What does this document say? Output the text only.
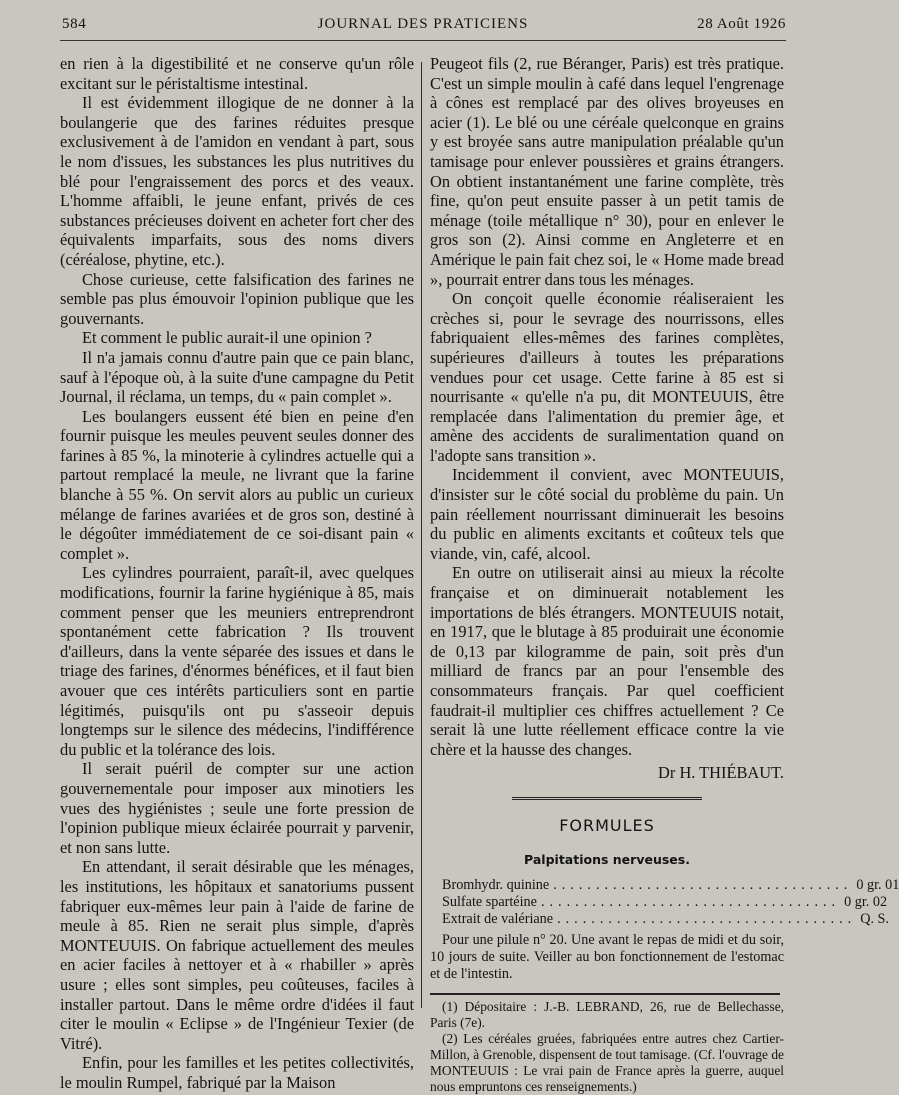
584	JOURNAL DES PRATICIENS	28 Août 1926

en rien à la digestibilité et ne conserve qu'un rôle excitant sur le péristaltisme intestinal.

Il est évidemment illogique de ne donner à la boulangerie que des farines réduites presque exclusivement à de l'amidon en vendant à part, sous le nom d'issues, les substances les plus nutritives du blé pour l'engraissement des porcs et des veaux. L'homme affaibli, le jeune enfant, privés de ces substances précieuses doivent en acheter fort cher des équivalents imparfaits, sous des noms divers (céréalose, phytine, etc.).

Chose curieuse, cette falsification des farines ne semble pas plus émouvoir l'opinion publique que les gouvernants.

Et comment le public aurait-il une opinion ?

Il n'a jamais connu d'autre pain que ce pain blanc, sauf à l'époque où, à la suite d'une campagne du Petit Journal, il réclama, un temps, du « pain complet ».

Les boulangers eussent été bien en peine d'en fournir puisque les meules peuvent seules donner des farines à 85 %, la minoterie à cylindres actuelle qui a partout remplacé la meule, ne livrant que la farine blanche à 55 %. On servit alors au public un curieux mélange de farines avariées et de gros son, destiné à le dégoûter immédiatement de ce soi-disant pain « complet ».

Les cylindres pourraient, paraît-il, avec quelques modifications, fournir la farine hygiénique à 85, mais comment penser que les meuniers entreprendront spontanément cette fabrication ? Ils trouvent d'ailleurs, dans la vente séparée des issues et dans le triage des farines, d'énormes bénéfices, et il faut bien avouer que ces intérêts particuliers sont en partie légitimés, puisqu'ils ont pu s'asseoir depuis longtemps sur le silence des médecins, l'indifférence du public et la tolérance des lois.

Il serait puéril de compter sur une action gouvernementale pour imposer aux minotiers les vues des hygiénistes ; seule une forte pression de l'opinion publique mieux éclairée pourrait y parvenir, et non sans lutte.

En attendant, il serait désirable que les ménages, les institutions, les hôpitaux et sanatoriums pussent fabriquer eux-mêmes leur pain à l'aide de farine de meule à 85. Rien ne serait plus simple, d'après MONTEUUIS. On fabrique actuellement des meules en acier faciles à nettoyer et à « rhabiller » après usure ; elles sont simples, peu coûteuses, faciles à installer partout. Dans le même ordre d'idées il faut citer le moulin « Eclipse » de l'Ingénieur Texier (de Vitré).

Enfin, pour les familles et les petites collectivités, le moulin Rumpel, fabriqué par la Maison

Peugeot fils (2, rue Béranger, Paris) est très pratique. C'est un simple moulin à café dans lequel l'engrenage à cônes est remplacé par des olives broyeuses en acier (1). Le blé ou une céréale quelconque en grains y est broyée sans autre manipulation préalable qu'un tamisage pour enlever poussières et grains étrangers. On obtient instantanément une farine complète, très fine, qu'on peut ensuite passer à un petit tamis de ménage (toile métallique n° 30), pour en enlever le gros son (2). Ainsi comme en Angleterre et en Amérique le pain fait chez soi, le « Home made bread », pourrait entrer dans tous les ménages.

On conçoit quelle économie réaliseraient les crèches si, pour le sevrage des nourrissons, elles fabriquaient elles-mêmes des farines complètes, supérieures d'ailleurs à toutes les préparations vendues pour cet usage. Cette farine à 85 est si nourrisante « qu'elle n'a pu, dit MONTEUUIS, être remplacée dans l'alimentation du premier âge, et amène des accidents de suralimentation quand on l'adopte sans transition ».

Incidemment il convient, avec MONTEUUIS, d'insister sur le côté social du problème du pain. Un pain réellement nourrissant diminuerait les besoins du public en aliments excitants et coûteux tels que viande, vin, café, alcool.

En outre on utiliserait ainsi au mieux la récolte française et on diminuerait notablement les importations de blés étrangers. MONTEUUIS notait, en 1917, que le blutage à 85 produirait une économie de 0,13 par kilogramme de pain, soit près d'un milliard de francs par an pour l'ensemble des consommateurs français. Par quel coefficient faudrait-il multiplier ces chiffres actuellement ? Ce serait là une lutte réellement efficace contre la vie chère et la hausse des changes.

Dr H. THIÉBAUT.

FORMULES
Palpitations nerveuses.
Bromhydr. quinine ................................... 0 gr. 01
Sulfate spartéine ................................... 0 gr. 02
Extrait de valériane ................................... Q. S.
Pour une pilule n° 20. Une avant le repas de midi et du soir, 10 jours de suite. Veiller au bon fonctionnement de l'estomac et de l'intestin.

(1) Dépositaire : J.-B. LEBRAND, 26, rue de Bellechasse, Paris (7e).

(2) Les céréales gruées, fabriquées entre autres chez Cartier-Millon, à Grenoble, dispensent de tout tamisage. (Cf. l'ouvrage de MONTEUUIS : Le vrai pain de France après la guerre, auquel nous empruntons ces renseignements.)
